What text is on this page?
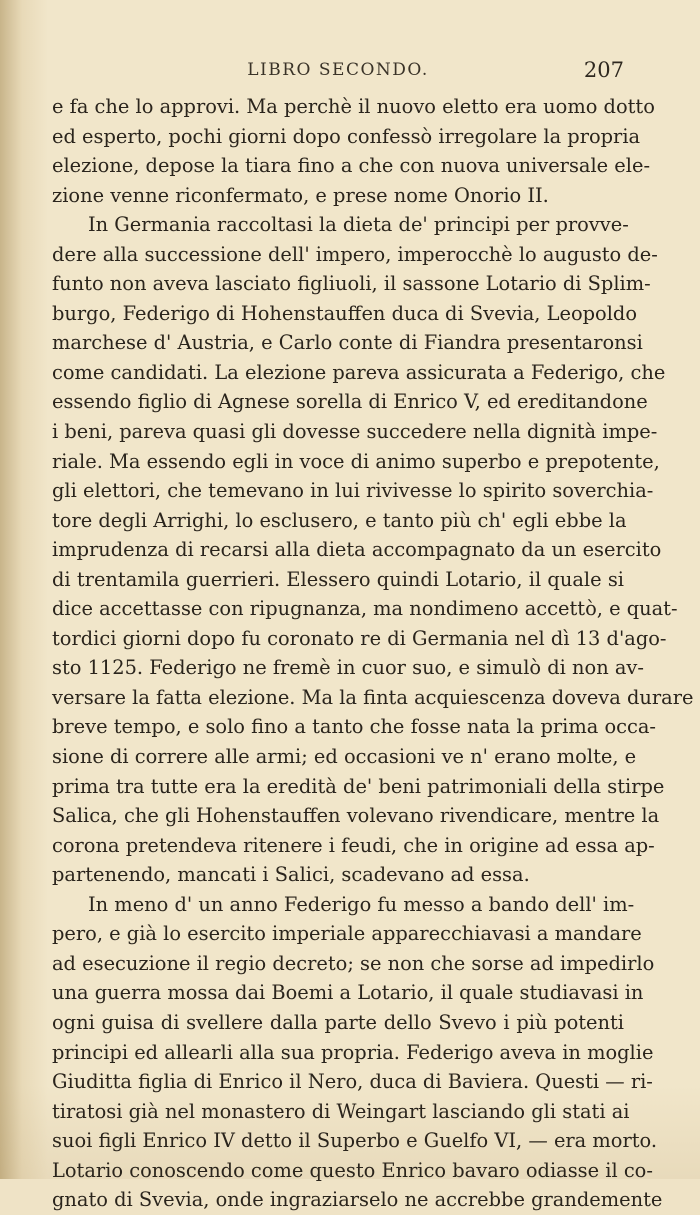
LIBRO SECONDO.	207
e fa che lo approvi. Ma perchè il nuovo eletto era uomo dotto
ed esperto, pochi giorni dopo confessò irregolare la propria
elezione, depose la tiara fino a che con nuova universale ele-
zione venne riconfermato, e prese nome Onorio II.
In Germania raccoltasi la dieta de' principi per provve-
dere alla successione dell' impero, imperocchè lo augusto de-
funto non aveva lasciato figliuoli, il sassone Lotario di Splim-
burgo, Federigo di Hohenstauffen duca di Svevia, Leopoldo
marchese d' Austria, e Carlo conte di Fiandra presentaronsi
come candidati. La elezione pareva assicurata a Federigo, che
essendo figlio di Agnese sorella di Enrico V, ed ereditandone
i beni, pareva quasi gli dovesse succedere nella dignità impe-
riale. Ma essendo egli in voce di animo superbo e prepotente,
gli elettori, che temevano in lui rivivesse lo spirito soverchia-
tore degli Arrighi, lo esclusero, e tanto più ch' egli ebbe la
imprudenza di recarsi alla dieta accompagnato da un esercito
di trentamila guerrieri. Elessero quindi Lotario, il quale si
dice accettasse con ripugnanza, ma nondimeno accettò, e quat-
tordici giorni dopo fu coronato re di Germania nel dì 13 d'ago-
sto 1125. Federigo ne fremè in cuor suo, e simulò di non av-
versare la fatta elezione. Ma la finta acquiescenza doveva durare
breve tempo, e solo fino a tanto che fosse nata la prima occa-
sione di correre alle armi; ed occasioni ve n' erano molte, e
prima tra tutte era la eredità de' beni patrimoniali della stirpe
Salica, che gli Hohenstauffen volevano rivendicare, mentre la
corona pretendeva ritenere i feudi, che in origine ad essa ap-
partenendo, mancati i Salici, scadevano ad essa.
In meno d' un anno Federigo fu messo a bando dell' im-
pero, e già lo esercito imperiale apparecchiavasi a mandare
ad esecuzione il regio decreto; se non che sorse ad impedirlo
una guerra mossa dai Boemi a Lotario, il quale studiavasi in
ogni guisa di svellere dalla parte dello Svevo i più potenti
principi ed allearli alla sua propria. Federigo aveva in moglie
Giuditta figlia di Enrico il Nero, duca di Baviera. Questi — ri-
tiratosi già nel monastero di Weingart lasciando gli stati ai
suoi figli Enrico IV detto il Superbo e Guelfo VI, — era morto.
Lotario conoscendo come questo Enrico bavaro odiasse il co-
gnato di Svevia, onde ingraziarselo ne accrebbe grandemente
